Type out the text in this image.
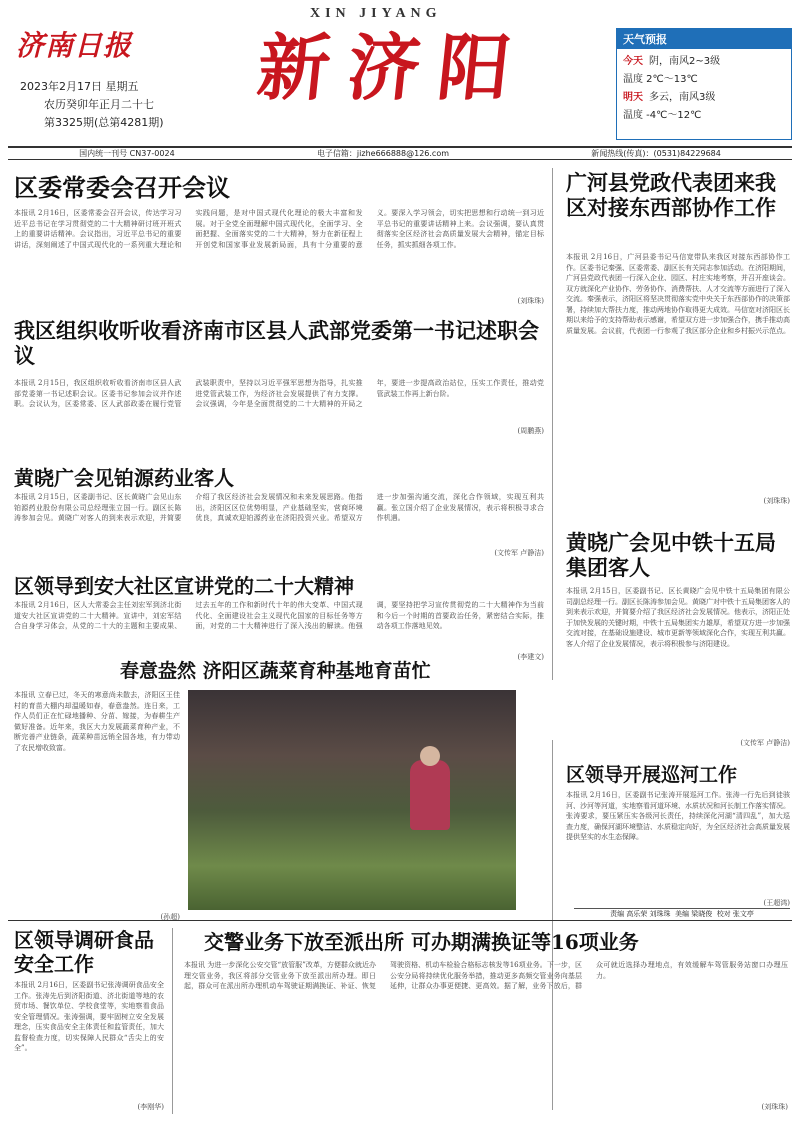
济南日报
XIN JIYANG
新济阳
2023年2月17日 星期五
农历癸卯年正月二十七
第3325期(总第4281期)
天气预报
今天 阴，南风2~3级
温度 2℃～13℃
明天 多云，南风3级
温度 -4℃～12℃
国内统一刊号 CN37-0024	电子信箱：jizhe666888@126.com	新闻热线(传真)：(0531)84229684
区委常委会召开会议
本报讯 2月16日，区委常委会召开会议，传达学习习近平总书记在学习贯彻党的二十大精神研讨班开班式上的重要讲话精神。会议指出，习近平总书记的重要讲话，深刻阐述了中国式现代化的一系列重大理论和实践问题，是对中国式现代化理论的极大丰富和发展。对于全党全面理解中国式现代化，全面学习、全面把握、全面落实党的二十大精神，努力在新征程上开创党和国家事业发展新局面，具有十分重要的意义。要深入学习领会，切实把思想和行动统一到习近平总书记的重要讲话精神上来。会议强调，要认真贯彻落实全区经济社会高质量发展大会精神，锚定目标任务，抓实抓细各项工作。
(刘珠珠)
我区组织收听收看济南市区县人武部党委第一书记述职会议
本报讯 2月15日，我区组织收听收看济南市区县人武部党委第一书记述职会议。区委书记参加会议并作述职。会议认为，区委常委、区人武部政委在履行党管武装职责中，坚持以习近平强军思想为指导，扎实推进党管武装工作，为经济社会发展提供了有力支撑。会议强调，今年是全面贯彻党的二十大精神的开局之年，要进一步提高政治站位，压实工作责任，推动党管武装工作再上新台阶。
(周鹏燕)
黄晓广会见铂源药业客人
本报讯 2月15日，区委副书记、区长黄晓广会见山东铂源药业股份有限公司总经理张立国一行。副区长陈涛参加会见。黄晓广对客人的到来表示欢迎，并简要介绍了我区经济社会发展情况和未来发展思路。他指出，济阳区区位优势明显，产业基础坚实，营商环境优良，真诚欢迎铂源药业在济阳投资兴业。希望双方进一步加强沟通交流，深化合作领域，实现互利共赢。张立国介绍了企业发展情况，表示将积极寻求合作机遇。
(文传军 卢静洁)
区领导到安大社区宣讲党的二十大精神
本报讯 2月16日，区人大常委会主任刘宏军到济北街道安大社区宣讲党的二十大精神。宣讲中，刘宏军结合自身学习体会，从党的二十大的主题和主要成果、过去五年的工作和新时代十年的伟大变革、中国式现代化、全面建设社会主义现代化国家的目标任务等方面，对党的二十大精神进行了深入浅出的解读。他强调，要坚持把学习宣传贯彻党的二十大精神作为当前和今后一个时期的首要政治任务，紧密结合实际，推动各项工作落地见效。
(李建文)
春意盎然 济阳区蔬菜育种基地育苗忙
本报讯 立春已过，冬天的寒意尚未散去，济阳区王佳村的育苗大棚内却温暖如春，春意盎然。连日来，工作人员们正在忙碌地播种、分苗、嫁接，为春耕生产做好准备。近年来，我区大力发展蔬菜育种产业，不断完善产业链条，蔬菜种苗远销全国各地，有力带动了农民增收致富。
(孙超)
广河县党政代表团来我区对接东西部协作工作
本报讯 2月16日，广河县委书记马信宽带队来我区对接东西部协作工作。区委书记秦强、区委常委、副区长有关同志参加活动。在济阳期间，广河县党政代表团一行深入企业、园区、村庄实地考察，并召开座谈会。双方就深化产业协作、劳务协作、消费帮扶、人才交流等方面进行了深入交流。秦强表示，济阳区将坚决贯彻落实党中央关于东西部协作的决策部署，持续加大帮扶力度，推动两地协作取得更大成效。马信宽对济阳区长期以来给予的支持帮助表示感谢，希望双方进一步加强合作，携手推动高质量发展。会议前，代表团一行参观了我区部分企业和乡村振兴示范点。
(刘珠珠)
黄晓广会见中铁十五局集团客人
本报讯 2月15日，区委副书记、区长黄晓广会见中铁十五局集团有限公司副总经理一行。副区长陈涛参加会见。黄晓广对中铁十五局集团客人的到来表示欢迎，并简要介绍了我区经济社会发展情况。他表示，济阳正处于加快发展的关键时期，中铁十五局集团实力雄厚，希望双方进一步加强交流对接，在基础设施建设、城市更新等领域深化合作，实现互利共赢。客人介绍了企业发展情况，表示将积极参与济阳建设。
(文传军 卢静洁)
区领导开展巡河工作
本报讯 2月16日，区委副书记张涛开展巡河工作。张涛一行先后到徒骇河、沙河等河道，实地察看河道环境、水质状况和河长制工作落实情况。张涛要求，要压紧压实各级河长责任，持续深化河湖“清四乱”，加大巡查力度，确保河湖环境整洁、水质稳定向好，为全区经济社会高质量发展提供坚实的水生态保障。
(王超鸿)
区领导调研食品安全工作
本报讯 2月16日，区委副书记张涛调研食品安全工作。张涛先后到济阳街道、济北街道等地的农贸市场、餐饮单位、学校食堂等，实地察看食品安全管理情况。张涛强调，要牢固树立安全发展理念，压实食品安全主体责任和监管责任，加大监督检查力度，切实保障人民群众“舌尖上的安全”。
(李刚华)
交警业务下放至派出所 可办期满换证等16项业务
本报讯 为进一步深化公安交管“放管服”改革，方便群众就近办理交管业务，我区将部分交管业务下放至派出所办理。即日起，群众可在派出所办理机动车驾驶证期满换证、补证、恢复驾驶资格、机动车检验合格标志核发等16项业务。下一步，区公安分局将持续优化服务举措，推动更多高频交管业务向基层延伸，让群众办事更便捷、更高效。据了解，业务下放后，群众可就近选择办理地点，有效缓解车驾管服务站窗口办理压力。
(刘珠珠)
责编 高乐荣 刘珠珠 美编 梁晓俊 校对 张文亭
